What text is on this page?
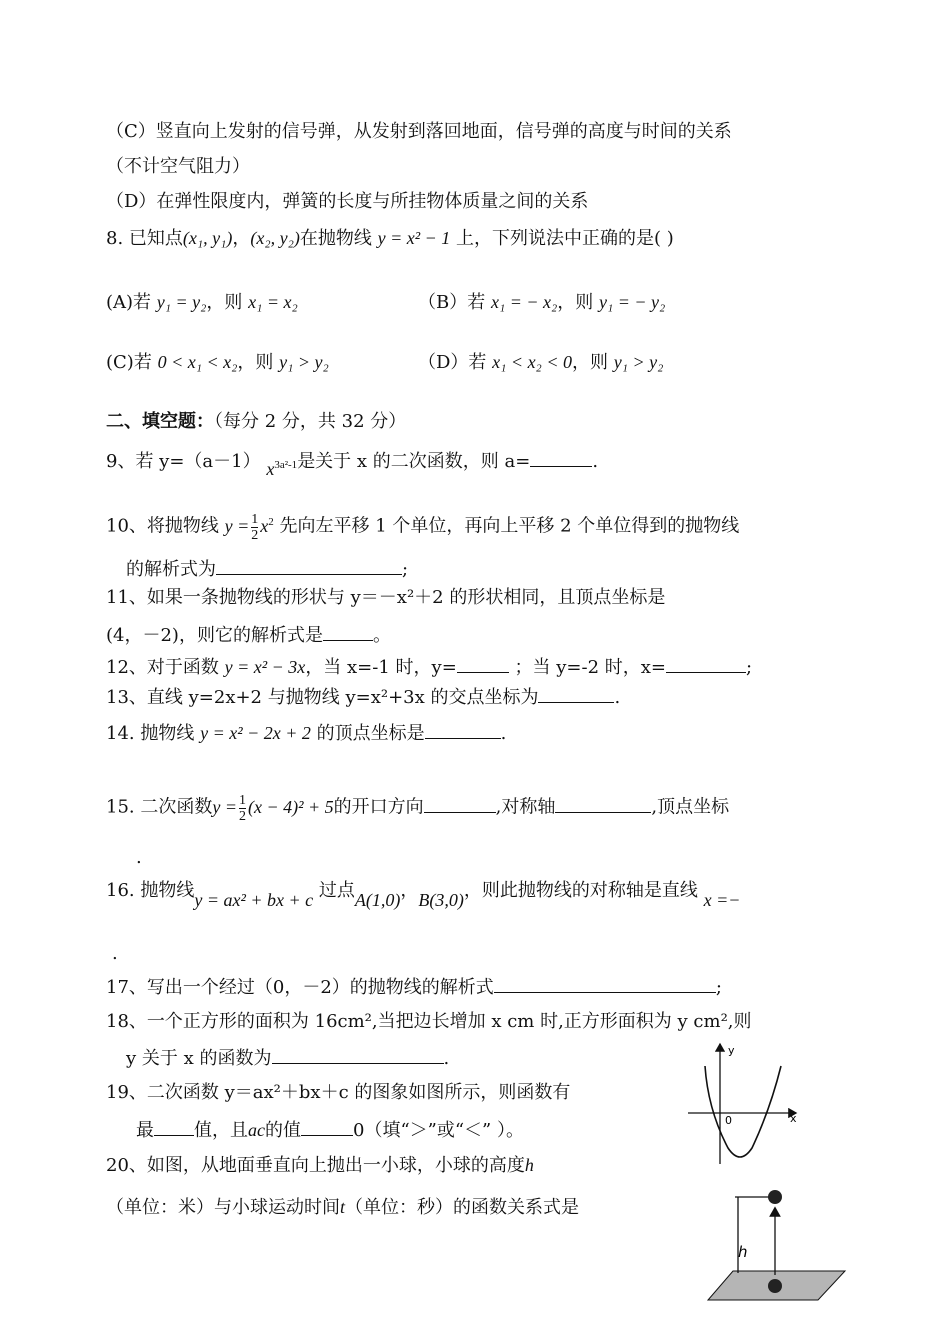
（C）竖直向上发射的信号弹，从发射到落回地面，信号弹的高度与时间的关系
（不计空气阻力）
（D）在弹性限度内，弹簧的长度与所挂物体质量之间的关系
8. 已知点(x₁, y₁)，(x₂, y₂)在抛物线 y = x² − 1 上，下列说法中正确的是( )
(A)若 y₁ = y₂，则 x₁ = x₂	（B）若 x₁ = − x₂，则 y₁ = − y₂
(C)若 0 < x₁ < x₂，则 y₁ > y₂	（D）若 x₁ < x₂ < 0，则 y₁ > y₂
二、填空题：（每分 2 分，共 32 分）
9、若 y=（a－1） $x^{3a^2-1}$是关于 x 的二次函数，则 a=	.
10、将抛物线 $y = \frac{1}{2} x^2$ 先向左平移 1 个单位，再向上平移 2 个单位得到的抛物线
的解析式为	;
11、如果一条抛物线的形状与 y＝－x²＋2 的形状相同，且顶点坐标是
(4，－2)，则它的解析式是	。
12、对于函数 y = x² − 3x，当 x=-1 时，y=	；当 y=-2 时，x=	;
13、直线 y=2x+2 与抛物线 y=x²+3x 的交点坐标为	.
14. 抛物线 y = x² − 2x + 2 的顶点坐标是	.
15. 二次函数$y = \frac{1}{2} (x - 4)^2 + 5$的开口方向	,对称轴	,顶点坐标
.
16. 抛物线y = ax² + bx + c 过点A(1,0)，B(3,0)，则此抛物线的对称轴是直线 x =−
.
17、写出一个经过（0，－2）的抛物线的解析式	;
18、一个正方形的面积为 16cm²,当把边长增加 x cm 时,正方形面积为 y cm²,则
y 关于 x 的函数为	.
19、二次函数 y＝ax²＋bx＋c 的图象如图所示，则函数有
最 值，且ac的值	0（填“＞”或“＜” ）。
20、如图，从地面垂直向上抛出一小球，小球的高度h
（单位：米）与小球运动时间t（单位：秒）的函数关系式是
y
x
0
h
